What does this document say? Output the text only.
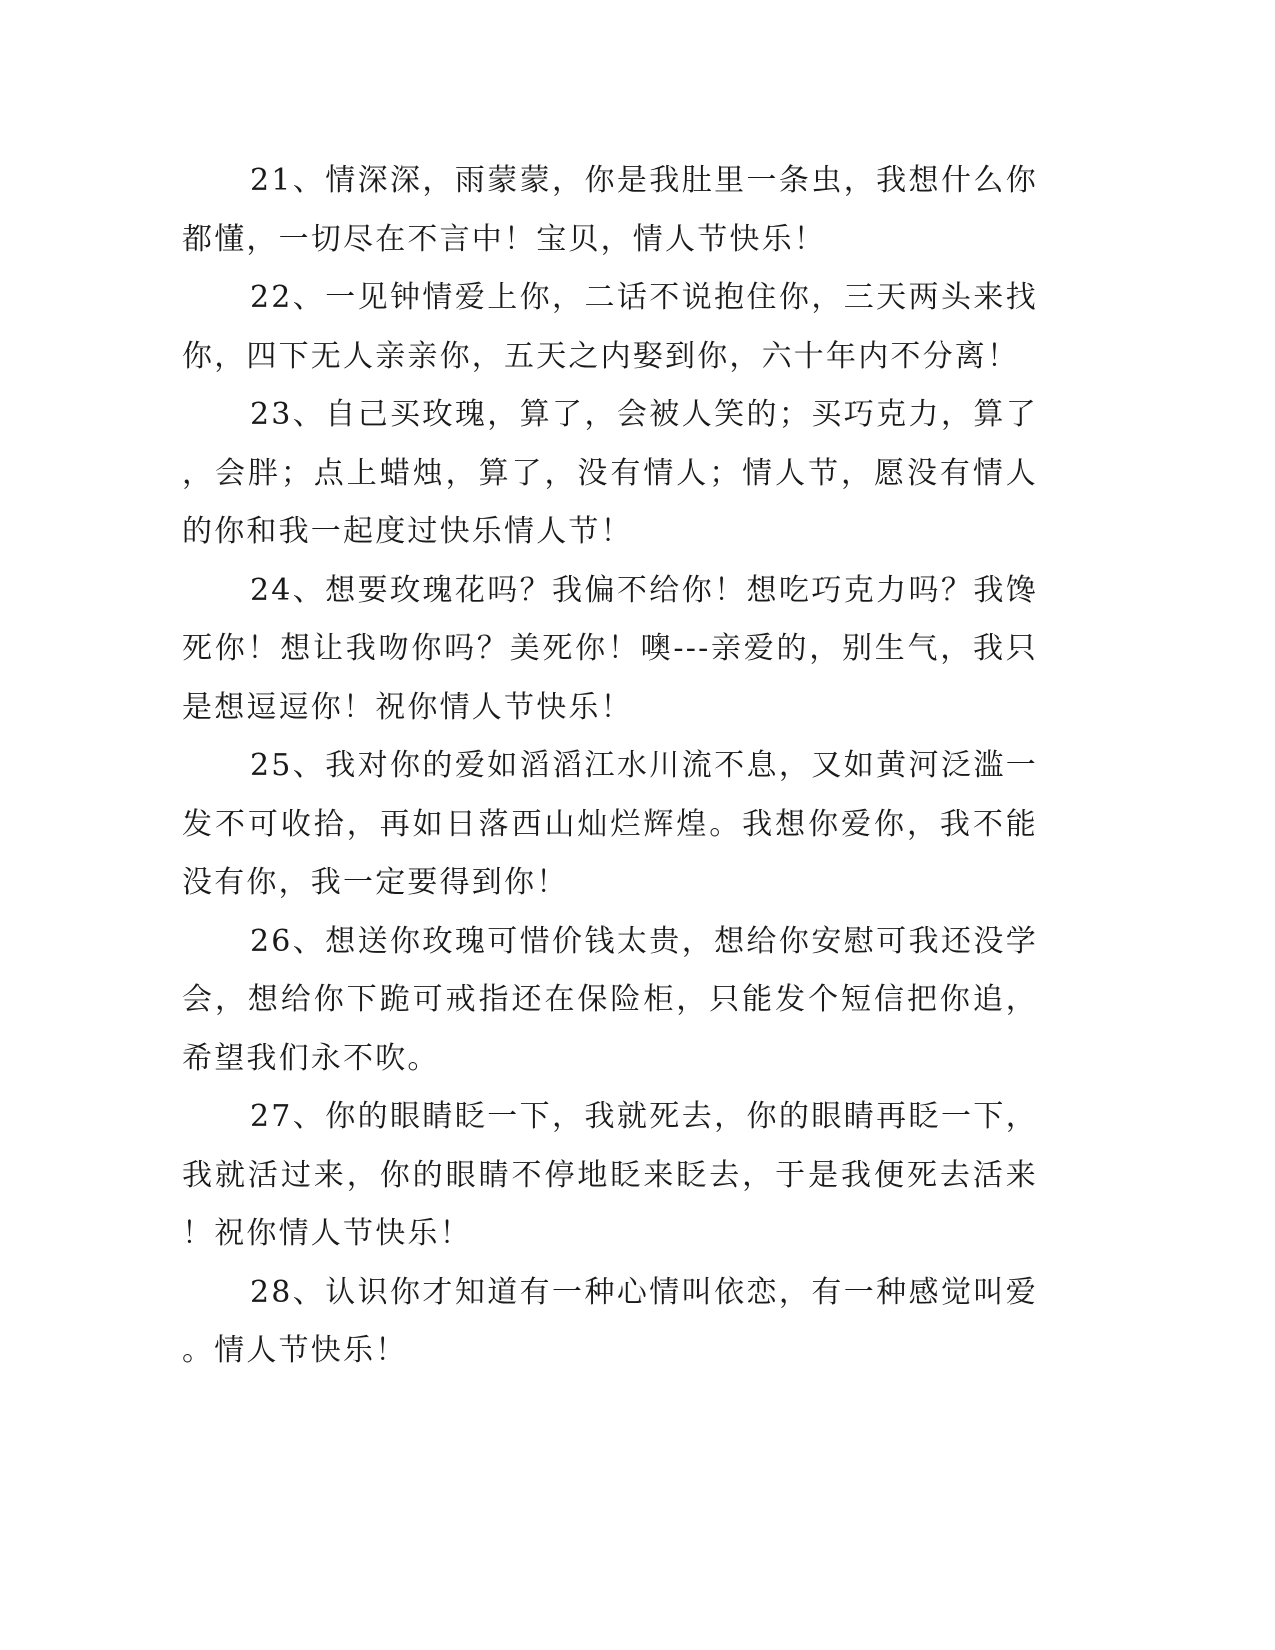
21、情深深，雨蒙蒙，你是我肚里一条虫，我想什么你都懂，一切尽在不言中！宝贝，情人节快乐！

22、一见钟情爱上你，二话不说抱住你，三天两头来找你，四下无人亲亲你，五天之内娶到你，六十年内不分离！

23、自己买玫瑰，算了，会被人笑的；买巧克力，算了，会胖；点上蜡烛，算了，没有情人；情人节，愿没有情人的你和我一起度过快乐情人节！

24、想要玫瑰花吗？我偏不给你！想吃巧克力吗？我馋死你！想让我吻你吗？美死你！噢---亲爱的，别生气，我只是想逗逗你！祝你情人节快乐！

25、我对你的爱如滔滔江水川流不息，又如黄河泛滥一发不可收拾，再如日落西山灿烂辉煌。我想你爱你，我不能没有你，我一定要得到你！

26、想送你玫瑰可惜价钱太贵，想给你安慰可我还没学会，想给你下跪可戒指还在保险柜，只能发个短信把你追，希望我们永不吹。

27、你的眼睛眨一下，我就死去，你的眼睛再眨一下，我就活过来，你的眼睛不停地眨来眨去，于是我便死去活来！祝你情人节快乐！

28、认识你才知道有一种心情叫依恋，有一种感觉叫爱。情人节快乐！
